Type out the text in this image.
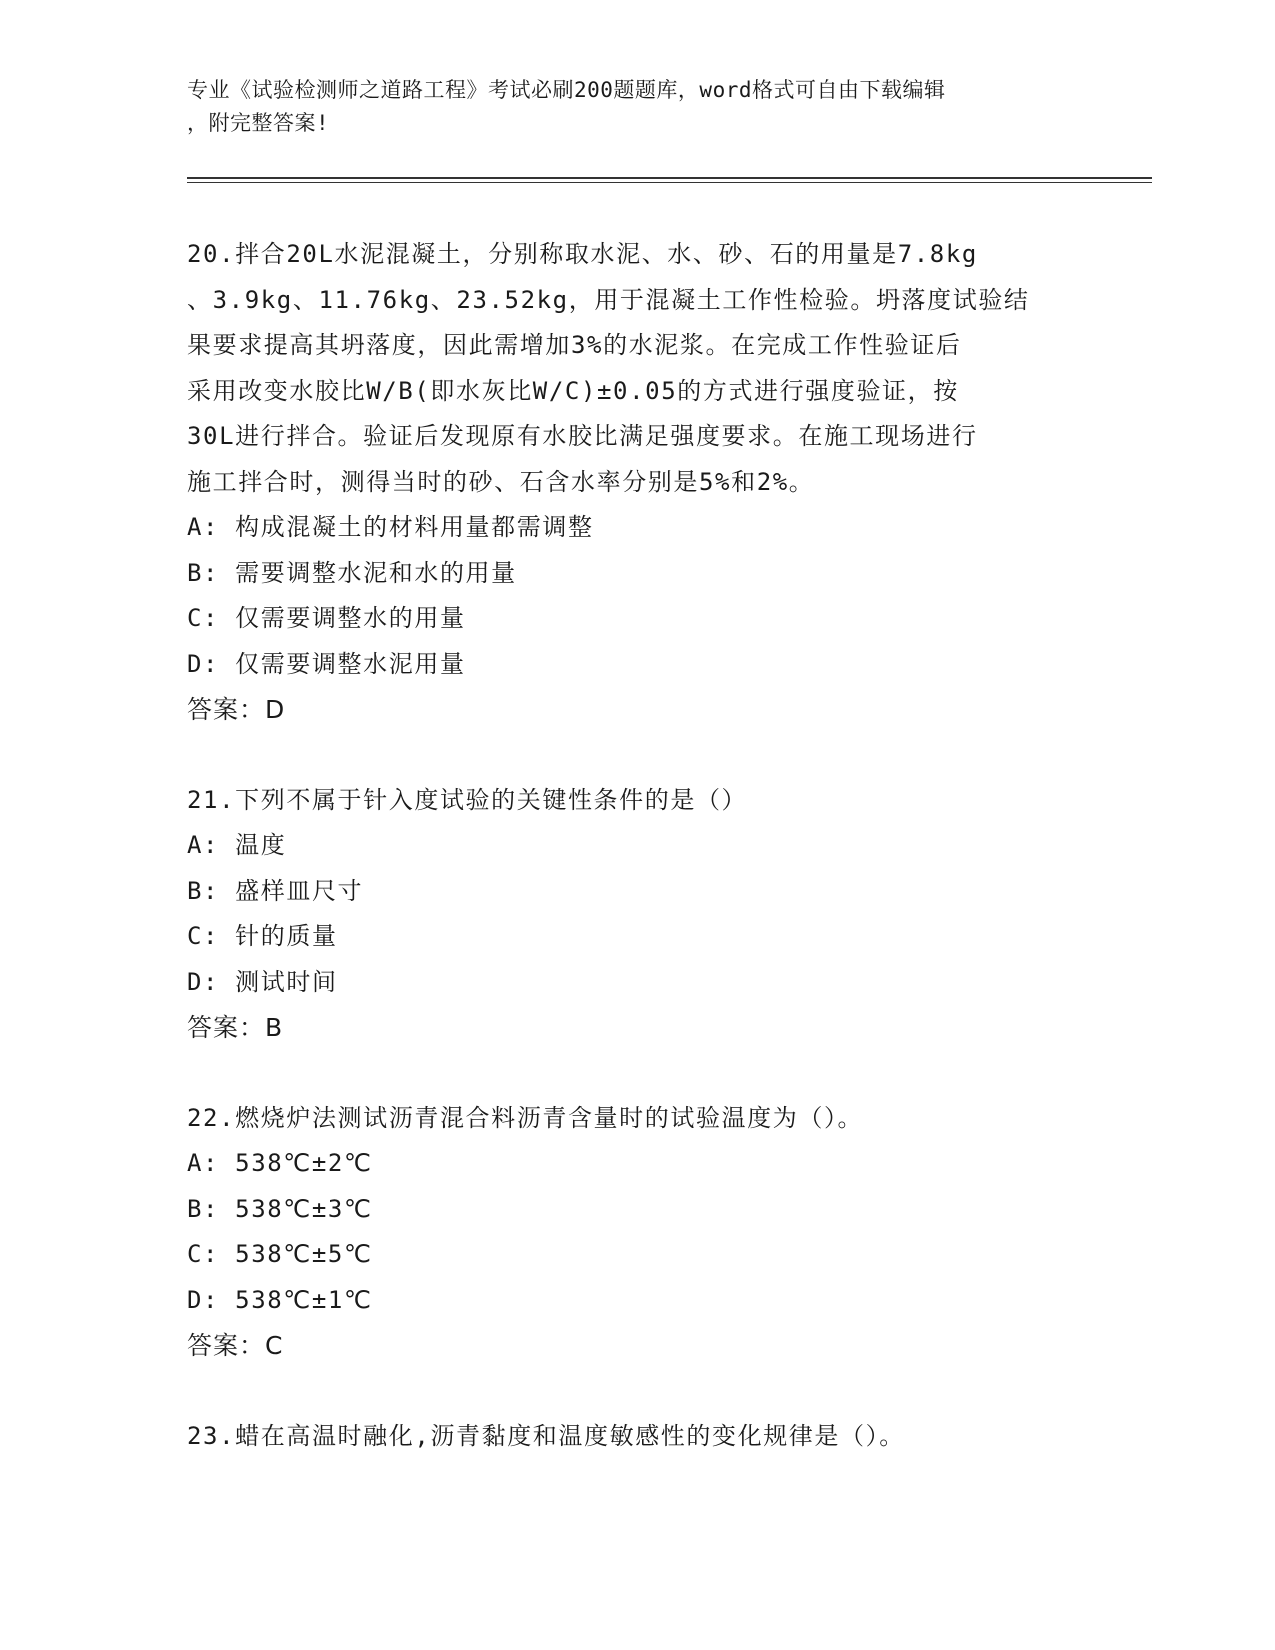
专业《试验检测师之道路工程》考试必刷200题题库，word格式可自由下载编辑
，附完整答案!
20.拌合20L水泥混凝土，分别称取水泥、水、砂、石的用量是7.8kg
、3.9kg、11.76kg、23.52kg，用于混凝土工作性检验。坍落度试验结
果要求提高其坍落度，因此需增加3%的水泥浆。在完成工作性验证后
采用改变水胶比W/B(即水灰比W/C)±0.05的方式进行强度验证，按
30L进行拌合。验证后发现原有水胶比满足强度要求。在施工现场进行
施工拌合时，测得当时的砂、石含水率分别是5%和2%。
A: 构成混凝土的材料用量都需调整
B: 需要调整水泥和水的用量
C: 仅需要调整水的用量
D: 仅需要调整水泥用量
答案：D
21.下列不属于针入度试验的关键性条件的是（）
A: 温度
B: 盛样皿尺寸
C: 针的质量
D: 测试时间
答案：B
22.燃烧炉法测试沥青混合料沥青含量时的试验温度为（）。
A: 538℃±2℃
B: 538℃±3℃
C: 538℃±5℃
D: 538℃±1℃
答案：C
23.蜡在高温时融化,沥青黏度和温度敏感性的变化规律是（）。
